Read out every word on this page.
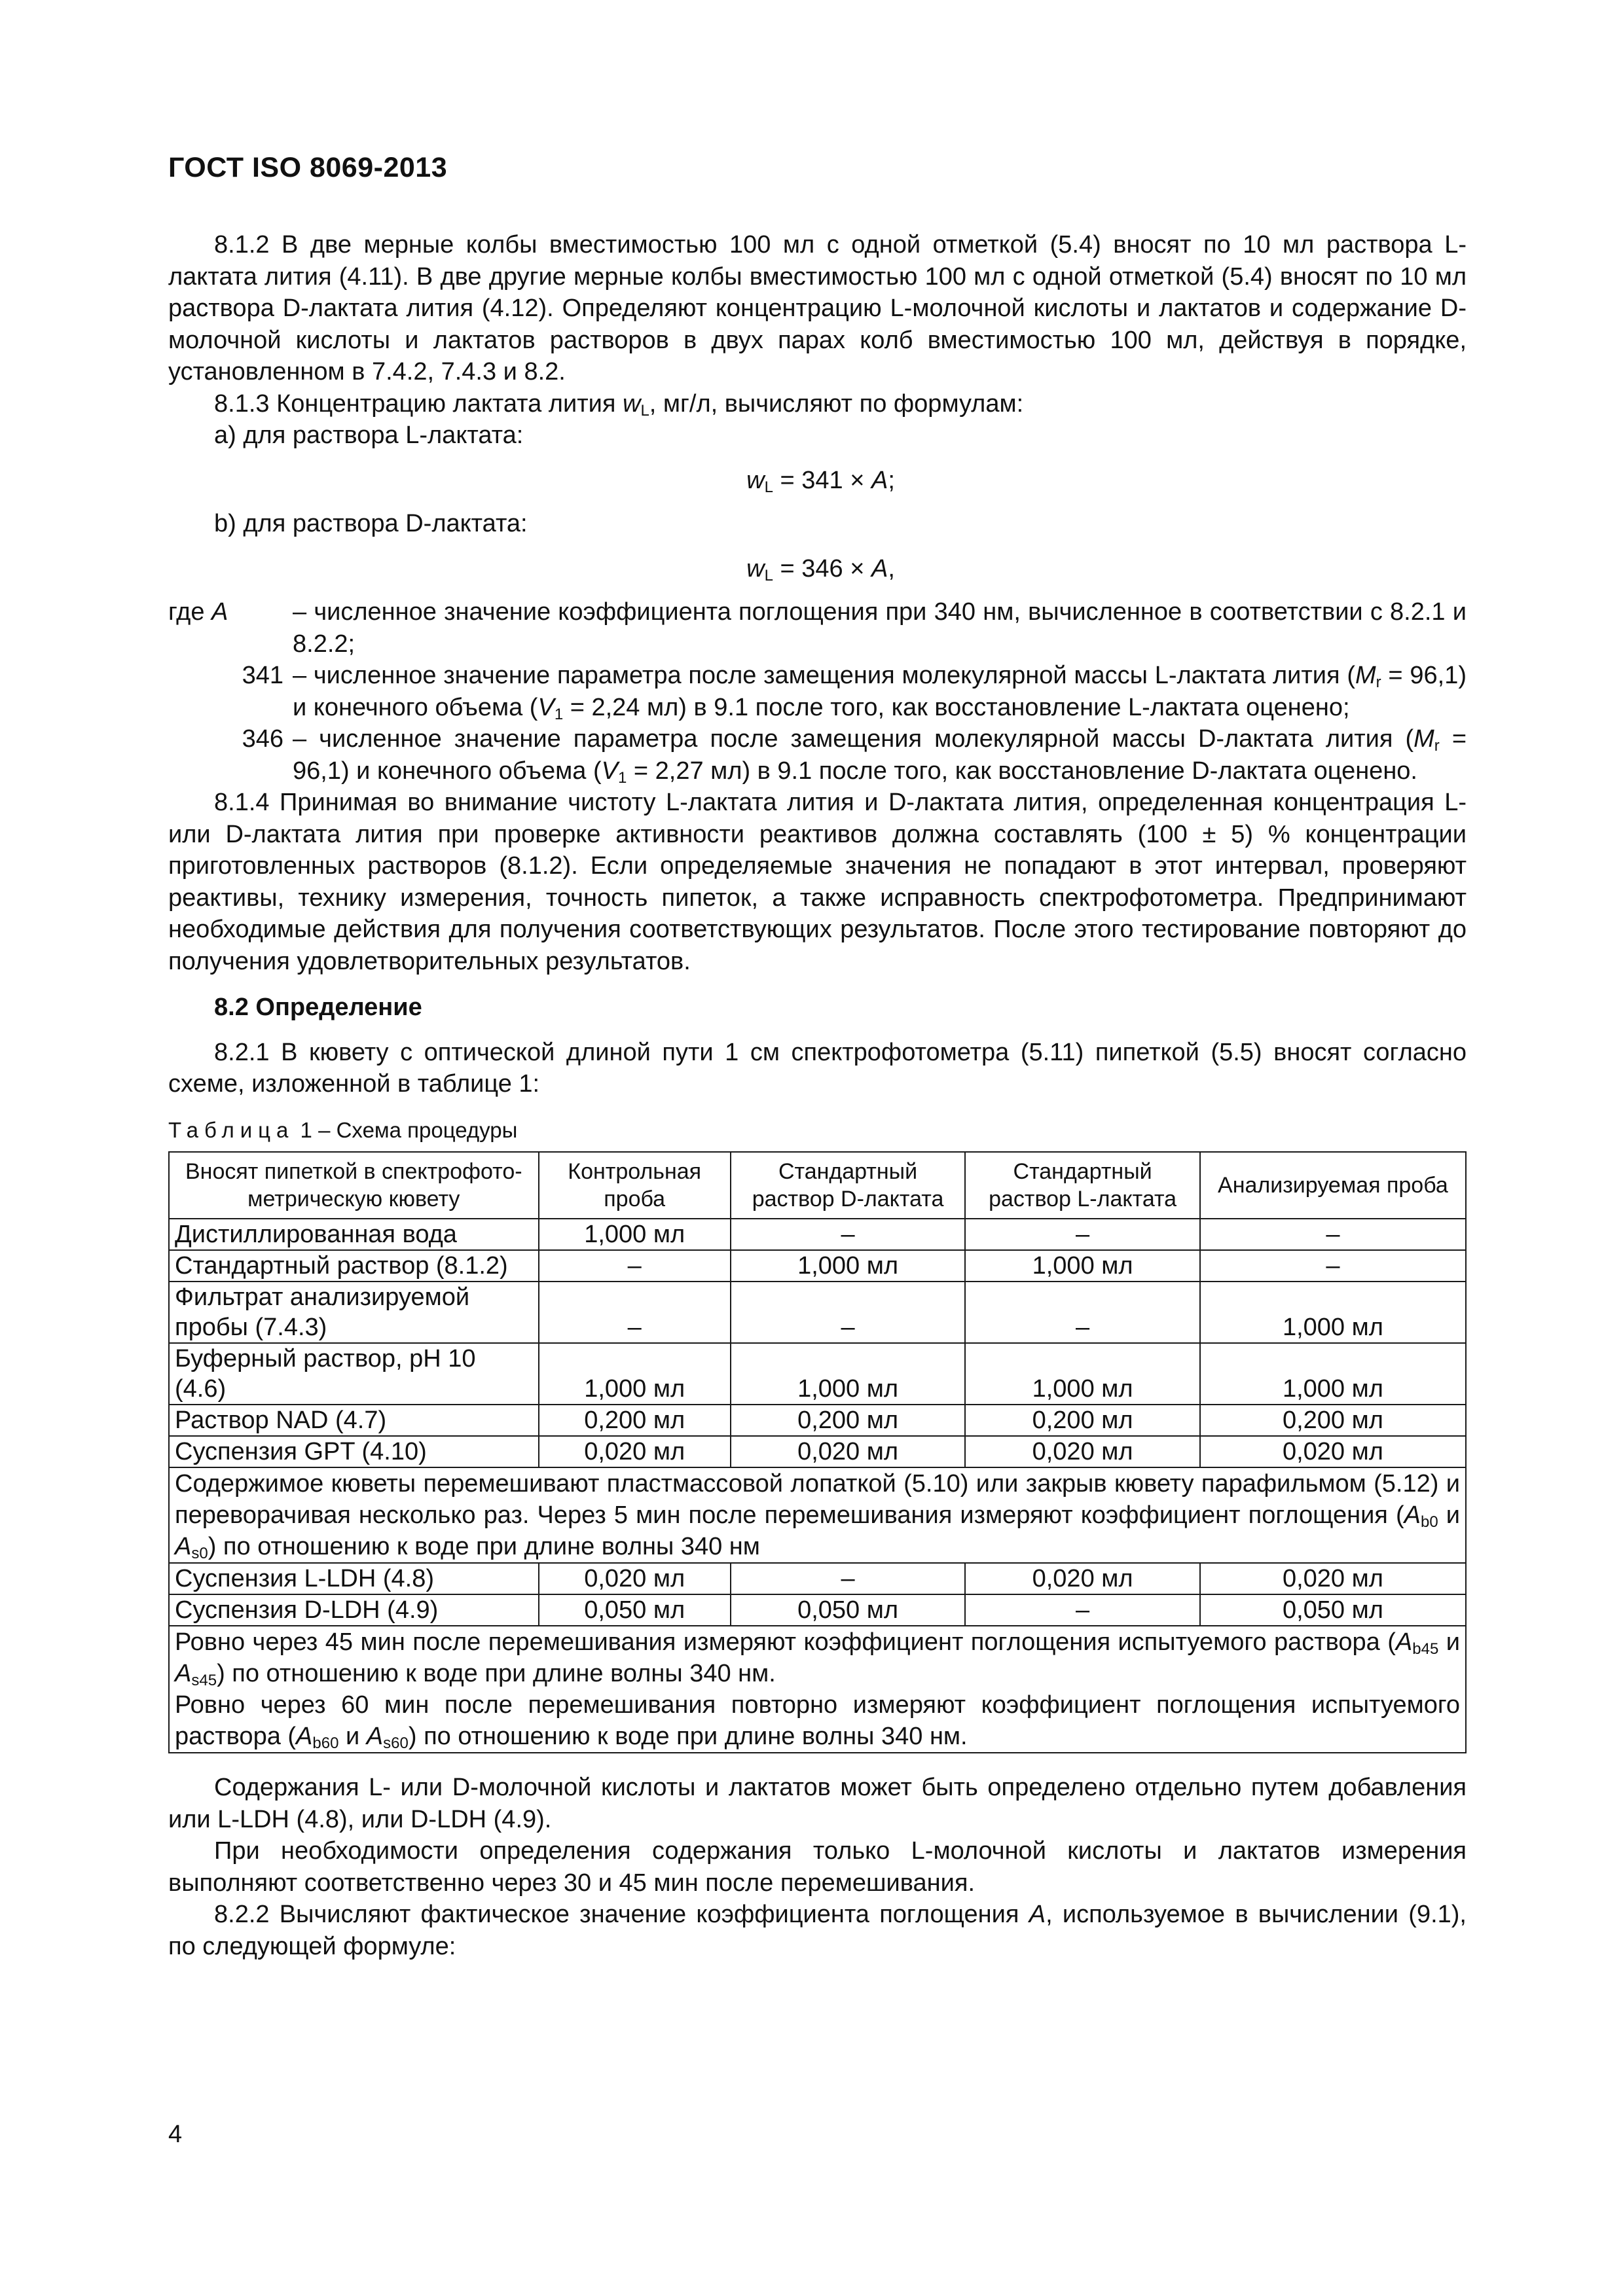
ГОСТ ISO 8069-2013

8.1.2 В две мерные колбы вместимостью 100 мл с одной отметкой (5.4) вносят по 10 мл раствора L-лактата лития (4.11). В две другие мерные колбы вместимостью 100 мл с одной отметкой (5.4) вносят по 10 мл раствора D-лактата лития (4.12). Определяют концентрацию L-молочной кислоты и лактатов и содержание D-молочной кислоты и лактатов растворов в двух парах колб вместимостью 100 мл, действуя в порядке, установленном в 7.4.2, 7.4.3 и 8.2.

8.1.3 Концентрацию лактата лития $w_L$, мг/л, вычисляют по формулам:

а) для раствора L-лактата:

$w_L = 341 \times A$;

b) для раствора D-лактата:

$w_L = 346 \times A$,
где A	– численное значение коэффициента поглощения при 340 нм, вычисленное в соответствии с 8.2.1 и 8.2.2;
341 – численное значение параметра после замещения молекулярной массы L-лактата лития $(M_r = 96,1)$ и конечного объема ($V_1 = 2,24$ мл) в 9.1 после того, как восстановление L-лактата оценено;
346 – численное значение параметра после замещения молекулярной массы D-лактата лития $(M_r = 96,1)$ и конечного объема ($V_1 = 2,27$ мл) в 9.1 после того, как восстановление D-лактата оценено.

8.1.4 Принимая во внимание чистоту L-лактата лития и D-лактата лития, определенная концентрация L- или D-лактата лития при проверке активности реактивов должна составлять (100 ± 5) % концентрации приготовленных растворов (8.1.2). Если определяемые значения не попадают в этот интервал, проверяют реактивы, технику измерения, точность пипеток, а также исправность спектрофотометра. Предпринимают необходимые действия для получения соответствующих результатов. После этого тестирование повторяют до получения удовлетворительных результатов.

8.2 Определение

8.2.1 В кювету с оптической длиной пути 1 см спектрофотометра (5.11) пипеткой (5.5) вносят согласно схеме, изложенной в таблице 1:

Таблица 1 – Схема процедуры
Вносят пипеткой в спектрофото-метрическую кювету	Контрольная проба	Стандартный раствор D-лактата	Стандартный раствор L-лактата	Анализируемая проба
Дистиллированная вода	1,000 мл	–	–	–
Стандартный раствор (8.1.2)	–	1,000 мл	1,000 мл	–
Фильтрат анализируемой пробы (7.4.3)	–	–	–	1,000 мл
Буферный раствор, pH 10 (4.6)	1,000 мл	1,000 мл	1,000 мл	1,000 мл
Раствор NAD (4.7)	0,200 мл	0,200 мл	0,200 мл	0,200 мл
Суспензия GPT (4.10)	0,020 мл	0,020 мл	0,020 мл	0,020 мл
Содержимое кюветы перемешивают пластмассовой лопаткой (5.10) или закрыв кювету парафильмом (5.12) и переворачивая несколько раз. Через 5 мин после перемешивания измеряют коэффициент поглощения ($A_{b0}$ и $A_{s0}$) по отношению к воде при длине волны 340 нм				
Суспензия L-LDH (4.8)	0,020 мл	–	0,020 мл	0,020 мл
Суспензия D-LDH (4.9)	0,050 мл	0,050 мл	–	0,050 мл

Ровно через 45 мин после перемешивания измеряют коэффициент поглощения испытуемого раствора ($A_{b45}$ и $A_{s45}$) по отношению к воде при длине волны 340 нм.
Ровно через 60 мин после перемешивания повторно измеряют коэффициент поглощения испытуемого раствора ($A_{b60}$ и $A_{s60}$) по отношению к воде при длине волны 340 нм.				

Содержания L- или D-молочной кислоты и лактатов может быть определено отдельно путем добавления или L-LDH (4.8), или D-LDH (4.9).

При необходимости определения содержания только L-молочной кислоты и лактатов измерения выполняют соответственно через 30 и 45 мин после перемешивания.

8.2.2 Вычисляют фактическое значение коэффициента поглощения A, используемое в вычислении (9.1), по следующей формуле:

4
